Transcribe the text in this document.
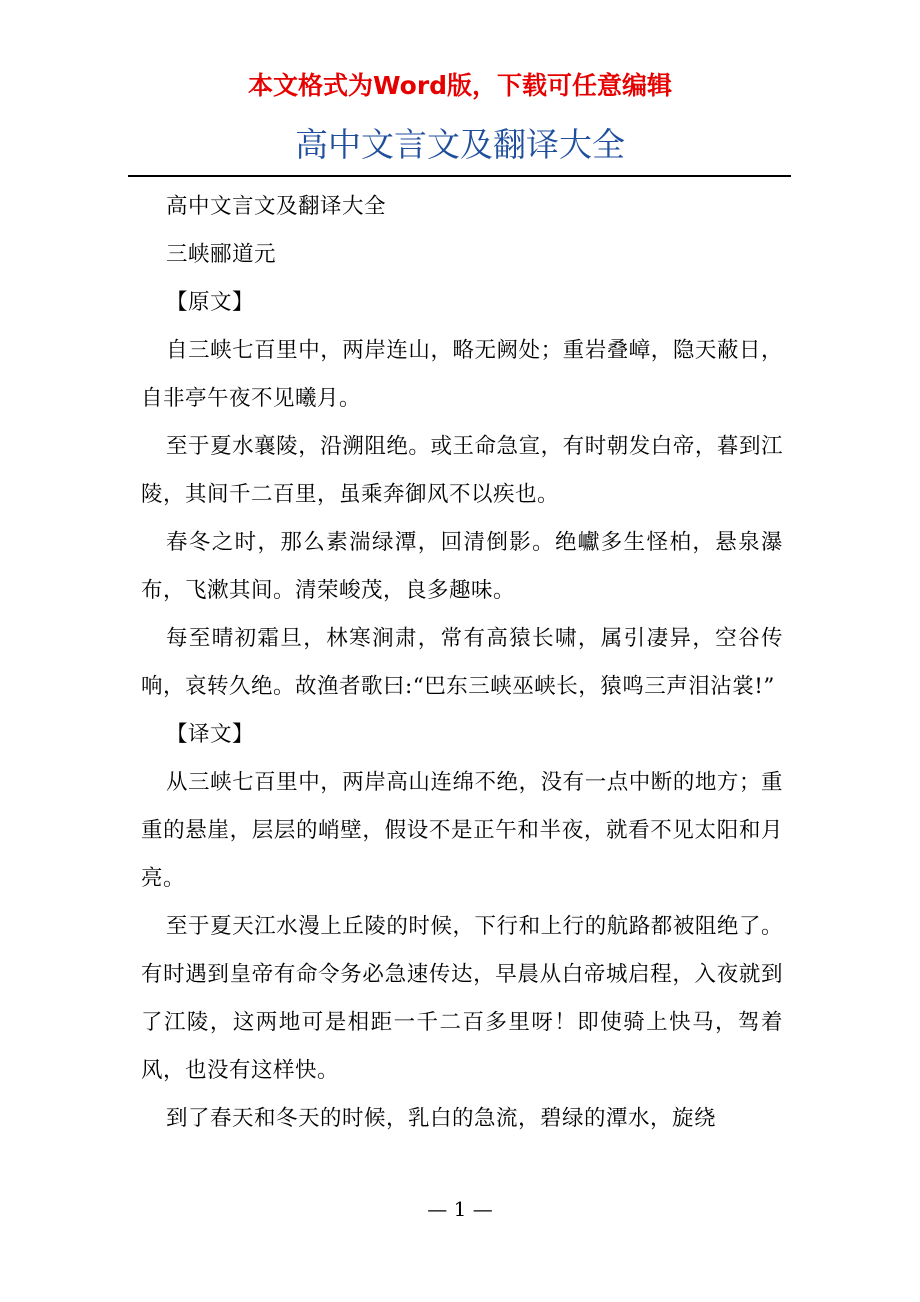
本文格式为Word版，下载可任意编辑
高中文言文及翻译大全

高中文言文及翻译大全

三峡郦道元

【原文】

自三峡七百里中，两岸连山，略无阙处；重岩叠嶂，隐天蔽日，自非亭午夜不见曦月。

至于夏水襄陵，沿溯阻绝。或王命急宣，有时朝发白帝，暮到江陵，其间千二百里，虽乘奔御风不以疾也。

春冬之时，那么素湍绿潭，回清倒影。绝巘多生怪柏，悬泉瀑布，飞漱其间。清荣峻茂，良多趣味。

每至晴初霜旦，林寒涧肃，常有高猿长啸，属引凄异，空谷传响，哀转久绝。故渔者歌曰:“巴东三峡巫峡长，猿鸣三声泪沾裳!”

【译文】

从三峡七百里中，两岸高山连绵不绝，没有一点中断的地方；重重的悬崖，层层的峭壁，假设不是正午和半夜，就看不见太阳和月亮。

至于夏天江水漫上丘陵的时候，下行和上行的航路都被阻绝了。有时遇到皇帝有命令务必急速传达，早晨从白帝城启程，入夜就到了江陵，这两地可是相距一千二百多里呀！即使骑上快马，驾着风，也没有这样快。

到了春天和冬天的时候，乳白的急流，碧绿的潭水，旋绕

— 1 —
